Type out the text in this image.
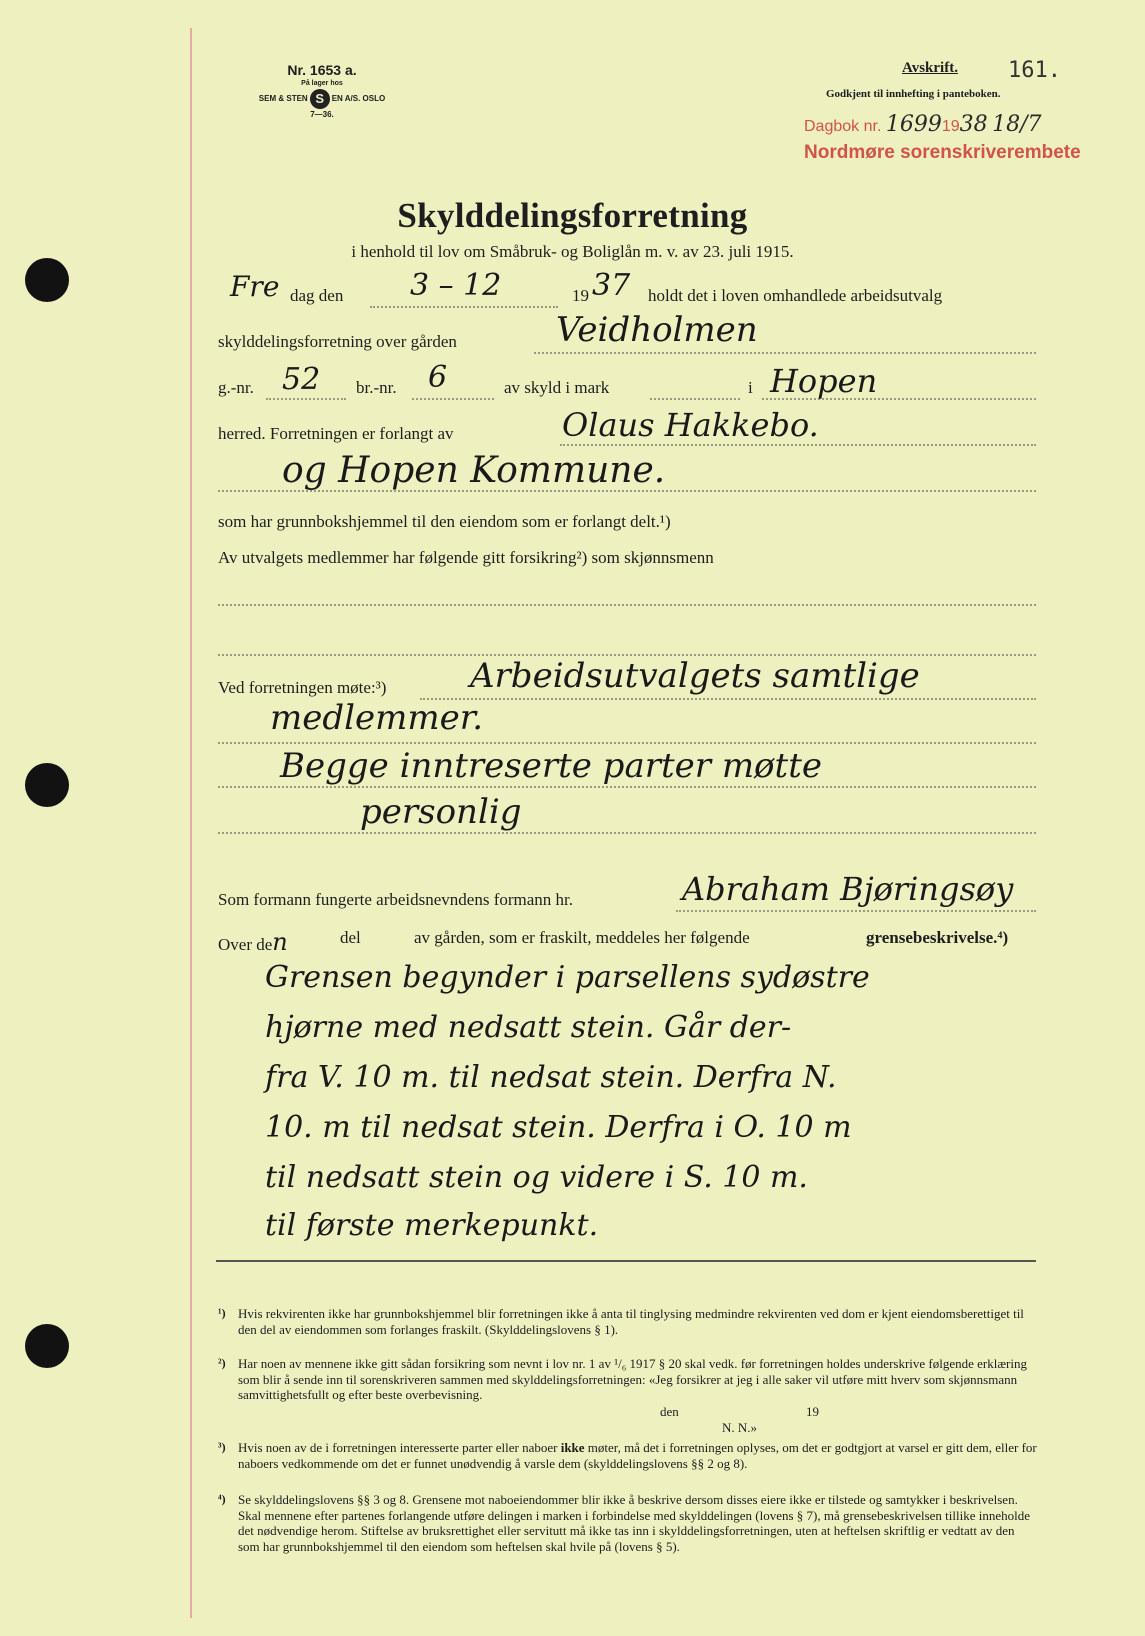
Nr. 1653 a.
På lager hos
SEM & STEN S EN A/S. OSLO
7—36.
Avskrift. 161.
Godkjent til innhefting i panteboken.
Dagbok nr. 16991938 18/7
Nordmøre sorenskriverembete
Skylddelingsforretning
i henhold til lov om Småbruk- og Boliglån m. v. av 23. juli 1915.
Fre dag den 3 – 12	19 37 holdt det i loven omhandlede arbeidsutvalg
skylddelingsforretning over gården	Veidholmen
g.-nr. 52 br.-nr. 6	av skyld i mark	i Hopen
herred. Forretningen er forlangt av	Olaus Hakkebo.
og Hopen Kommune.
som har grunnbokshjemmel til den eiendom som er forlangt delt.¹)
Av utvalgets medlemmer har følgende gitt forsikring²) som skjønnsmenn
Ved forretningen møte:³) Arbeidsutvalgets samtlige
medlemmer.
Begge inntreserte parter møtte
personlig
Som formann fungerte arbeidsnevndens formann hr.	Abraham Bjøringsøy
Over den	del	av gården, som er fraskilt, meddeles her følgende	grensebeskrivelse.⁴)
Grensen begynder i parsellens sydøstre
hjørne med nedsatt stein. Går der-
fra V. 10 m. til nedsat stein. Derfra N.
10. m til nedsat stein. Derfra i O. 10 m
til nedsatt stein og videre i S. 10 m.
til første merkepunkt.
¹) Hvis rekvirenten ikke har grunnbokshjemmel blir forretningen ikke å anta til tinglysing medmindre rekvirenten ved dom er kjent eiendomsberettiget til den del av eiendommen som forlanges fraskilt. (Skylddelingslovens § 1).
²) Har noen av mennene ikke gitt sådan forsikring som nevnt i lov nr. 1 av ¹/₆ 1917 § 20 skal vedk. før forretningen holdes underskrive følgende erklæring som blir å sende inn til sorenskriveren sammen med skylddelingsforretningen: «Jeg forsikrer at jeg i alle saker vil utføre mitt hverv som skjønnsmann samvittighetsfullt og efter beste overbevisning.
den	19
N. N.»
³) Hvis noen av de i forretningen interesserte parter eller naboer ikke møter, må det i forretningen oplyses, om det er godtgjort at varsel er gitt dem, eller for naboers vedkommende om det er funnet unødvendig å varsle dem (skylddelingslovens §§ 2 og 8).
⁴) Se skylddelingslovens §§ 3 og 8. Grensene mot naboeiendommer blir ikke å beskrive dersom disses eiere ikke er tilstede og samtykker i beskrivelsen. Skal mennene efter partenes forlangende utføre delingen i marken i forbindelse med skylddelingen (lovens § 7), må grensebeskrivelsen tillike inneholde det nødvendige herom. Stiftelse av bruksrettighet eller servitutt må ikke tas inn i skylddelingsforretningen, uten at heftelsen skriftlig er vedtatt av den som har grunnbokshjemmel til den eiendom som heftelsen skal hvile på (lovens § 5).
